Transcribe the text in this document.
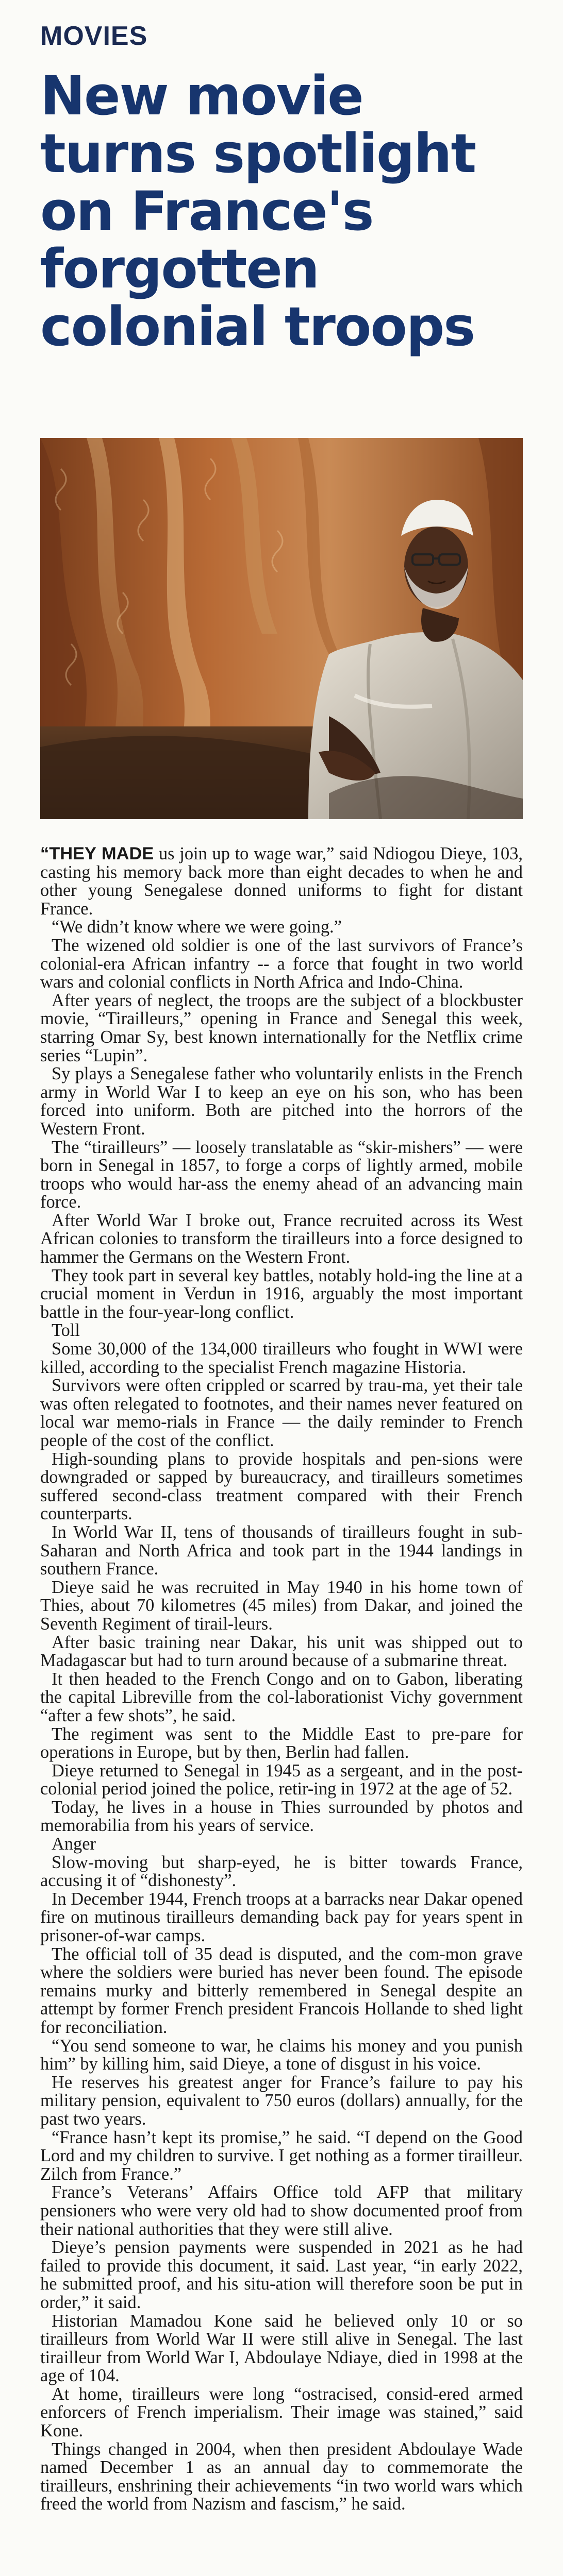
MOVIES
New movie turns spotlight on France's forgotten colonial troops

“THEY MADE us join up to wage war,” said Ndiogou Dieye, 103, casting his memory back more than eight decades to when he and other young Senegalese donned uniforms to fight for distant France.

“We didn’t know where we were going.”

The wizened old soldier is one of the last survivors of France’s colonial-era African infantry -- a force that fought in two world wars and colonial conflicts in North Africa and Indo-China.

After years of neglect, the troops are the subject of a blockbuster movie, “Tirailleurs,” opening in France and Senegal this week, starring Omar Sy, best known internationally for the Netflix crime series “Lupin”.

Sy plays a Senegalese father who voluntarily enlists in the French army in World War I to keep an eye on his son, who has been forced into uniform. Both are pitched into the horrors of the Western Front.

The “tirailleurs” — loosely translatable as “skir-mishers” — were born in Senegal in 1857, to forge a corps of lightly armed, mobile troops who would har-ass the enemy ahead of an advancing main force.

After World War I broke out, France recruited across its West African colonies to transform the tirailleurs into a force designed to hammer the Germans on the Western Front.

They took part in several key battles, notably hold-ing the line at a crucial moment in Verdun in 1916, arguably the most important battle in the four-year-long conflict.

Toll

Some 30,000 of the 134,000 tirailleurs who fought in WWI were killed, according to the specialist French magazine Historia.

Survivors were often crippled or scarred by trau-ma, yet their tale was often relegated to footnotes, and their names never featured on local war memo-rials in France — the daily reminder to French people of the cost of the conflict.

High-sounding plans to provide hospitals and pen-sions were downgraded or sapped by bureaucracy, and tirailleurs sometimes suffered second-class treatment compared with their French counterparts.

In World War II, tens of thousands of tirailleurs fought in sub-Saharan and North Africa and took part in the 1944 landings in southern France.

Dieye said he was recruited in May 1940 in his home town of Thies, about 70 kilometres (45 miles) from Dakar, and joined the Seventh Regiment of tirail-leurs.

After basic training near Dakar, his unit was shipped out to Madagascar but had to turn around because of a submarine threat.

It then headed to the French Congo and on to Gabon, liberating the capital Libreville from the col-laborationist Vichy government “after a few shots”, he said.

The regiment was sent to the Middle East to pre-pare for operations in Europe, but by then, Berlin had fallen.

Dieye returned to Senegal in 1945 as a sergeant, and in the post-colonial period joined the police, retir-ing in 1972 at the age of 52.

Today, he lives in a house in Thies surrounded by photos and memorabilia from his years of service.

Anger

Slow-moving but sharp-eyed, he is bitter towards France, accusing it of “dishonesty”.

In December 1944, French troops at a barracks near Dakar opened fire on mutinous tirailleurs demanding back pay for years spent in prisoner-of-war camps.

The official toll of 35 dead is disputed, and the com-mon grave where the soldiers were buried has never been found. The episode remains murky and bitterly remembered in Senegal despite an attempt by former French president Francois Hollande to shed light for reconciliation.

“You send someone to war, he claims his money and you punish him” by killing him, said Dieye, a tone of disgust in his voice.

He reserves his greatest anger for France’s failure to pay his military pension, equivalent to 750 euros (dollars) annually, for the past two years.

“France hasn’t kept its promise,” he said. “I depend on the Good Lord and my children to survive. I get nothing as a former tirailleur. Zilch from France.”

France’s Veterans’ Affairs Office told AFP that military pensioners who were very old had to show documented proof from their national authorities that they were still alive.

Dieye’s pension payments were suspended in 2021 as he had failed to provide this document, it said. Last year, “in early 2022, he submitted proof, and his situ-ation will therefore soon be put in order,” it said.

Historian Mamadou Kone said he believed only 10 or so tirailleurs from World War II were still alive in Senegal. The last tirailleur from World War I, Abdoulaye Ndiaye, died in 1998 at the age of 104.

At home, tirailleurs were long “ostracised, consid-ered armed enforcers of French imperialism. Their image was stained,” said Kone.

Things changed in 2004, when then president Abdoulaye Wade named December 1 as an annual day to commemorate the tirailleurs, enshrining their achievements “in two world wars which freed the world from Nazism and fascism,” he said.
